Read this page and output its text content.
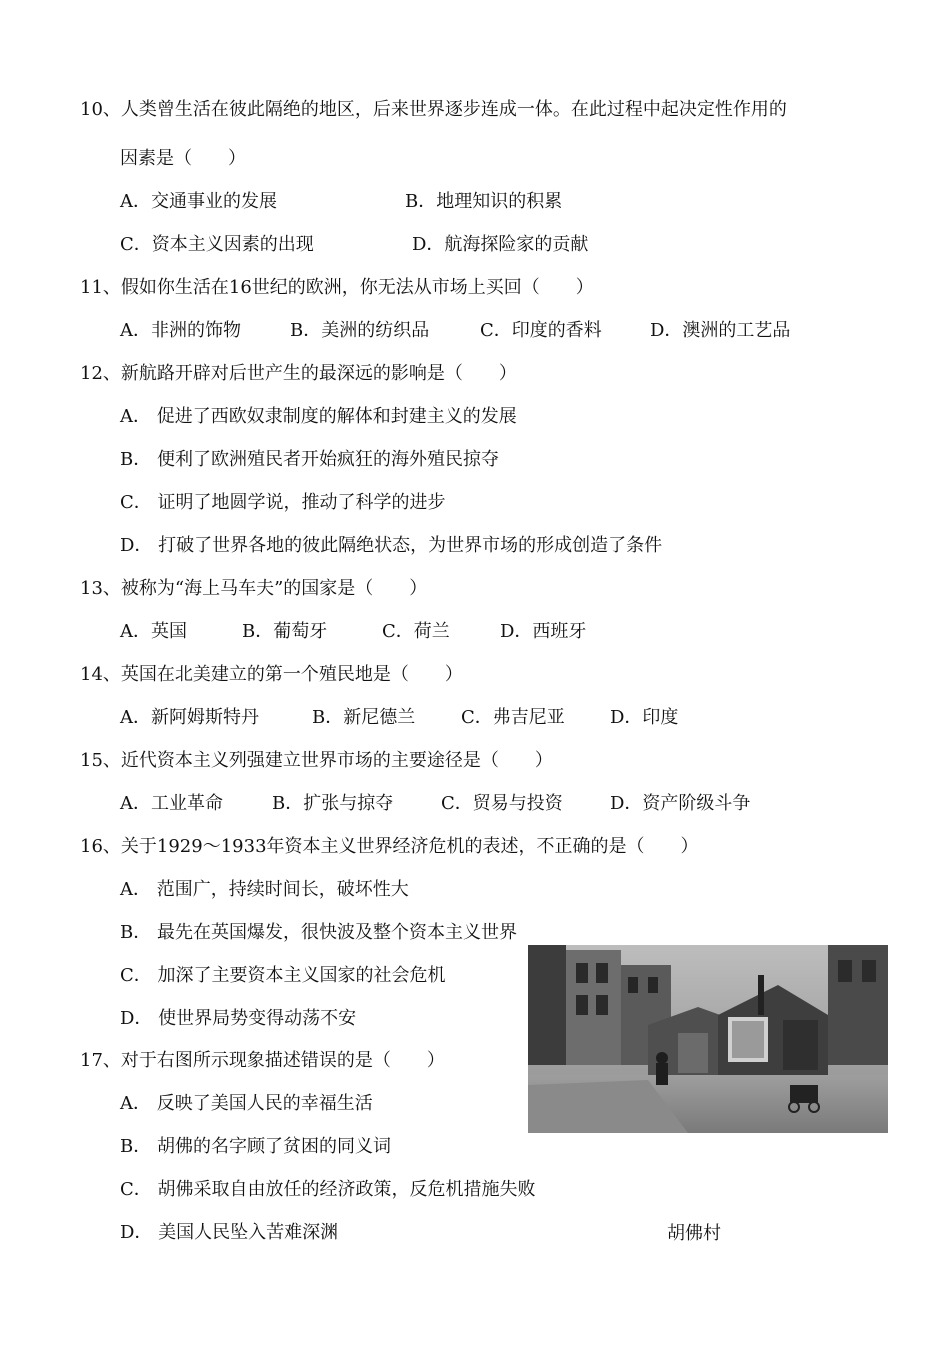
10、人类曾生活在彼此隔绝的地区，后来世界逐步连成一体。在此过程中起决定性作用的
因素是（　　）
A．交通事业的发展	B．地理知识的积累
C．资本主义因素的出现	D．航海探险家的贡献
11、假如你生活在16世纪的欧洲，你无法从市场上买回（　　）
A．非洲的饰物	B．美洲的纺织品	C．印度的香料	D．澳洲的工艺品
12、新航路开辟对后世产生的最深远的影响是（　　）
A． 促进了西欧奴隶制度的解体和封建主义的发展
B． 便利了欧洲殖民者开始疯狂的海外殖民掠夺
C． 证明了地圆学说，推动了科学的进步
D． 打破了世界各地的彼此隔绝状态，为世界市场的形成创造了条件
13、被称为“海上马车夫”的国家是（　　）
A．英国	B．葡萄牙	C．荷兰	D．西班牙
14、英国在北美建立的第一个殖民地是（　　）
A．新阿姆斯特丹	B．新尼德兰	C．弗吉尼亚	D．印度
15、近代资本主义列强建立世界市场的主要途径是（　　）
A．工业革命	B．扩张与掠夺	C．贸易与投资	D．资产阶级斗争
16、关于1929～1933年资本主义世界经济危机的表述，不正确的是（　　）
A． 范围广，持续时间长，破坏性大
B． 最先在英国爆发，很快波及整个资本主义世界
C． 加深了主要资本主义国家的社会危机
D． 使世界局势变得动荡不安
17、对于右图所示现象描述错误的是（　　）
A． 反映了美国人民的幸福生活
B． 胡佛的名字顾了贫困的同义词
C． 胡佛采取自由放任的经济政策，反危机措施失败
D． 美国人民坠入苦难深渊	胡佛村
